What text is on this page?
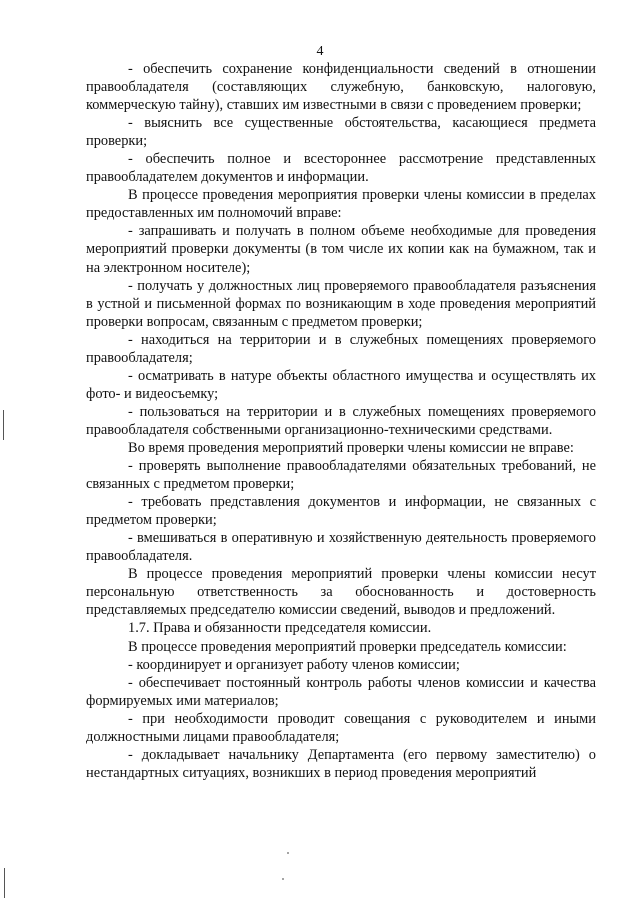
4

- обеспечить сохранение конфиденциальности сведений в отношении правообладателя (составляющих служебную, банковскую, налоговую, коммерческую тайну), ставших им известными в связи с проведением проверки;

- выяснить все существенные обстоятельства, касающиеся предмета проверки;

- обеспечить полное и всестороннее рассмотрение представленных правообладателем документов и информации.

В процессе проведения мероприятия проверки члены комиссии в пределах предоставленных им полномочий вправе:

- запрашивать и получать в полном объеме необходимые для проведения мероприятий проверки документы (в том числе их копии как на бумажном, так и на электронном носителе);

- получать у должностных лиц проверяемого правообладателя разъяснения в устной и письменной формах по возникающим в ходе проведения мероприятий проверки вопросам, связанным с предметом проверки;

- находиться на территории и в служебных помещениях проверяемого правообладателя;

- осматривать в натуре объекты областного имущества и осуществлять их фото- и видеосъемку;

- пользоваться на территории и в служебных помещениях проверяемого правообладателя собственными организационно-техническими средствами.

Во время проведения мероприятий проверки члены комиссии не вправе:

- проверять выполнение правообладателями обязательных требований, не связанных с предметом проверки;

- требовать представления документов и информации, не связанных с предметом проверки;

- вмешиваться в оперативную и хозяйственную деятельность проверяемого правообладателя.

В процессе проведения мероприятий проверки члены комиссии несут персональную ответственность за обоснованность и достоверность представляемых председателю комиссии сведений, выводов и предложений.

1.7. Права и обязанности председателя комиссии.

В процессе проведения мероприятий проверки председатель комиссии:

- координирует и организует работу членов комиссии;

- обеспечивает постоянный контроль работы членов комиссии и качества формируемых ими материалов;

- при необходимости проводит совещания с руководителем и иными должностными лицами правообладателя;

- докладывает начальнику Департамента (его первому заместителю) о нестандартных ситуациях, возникших в период проведения мероприятий
